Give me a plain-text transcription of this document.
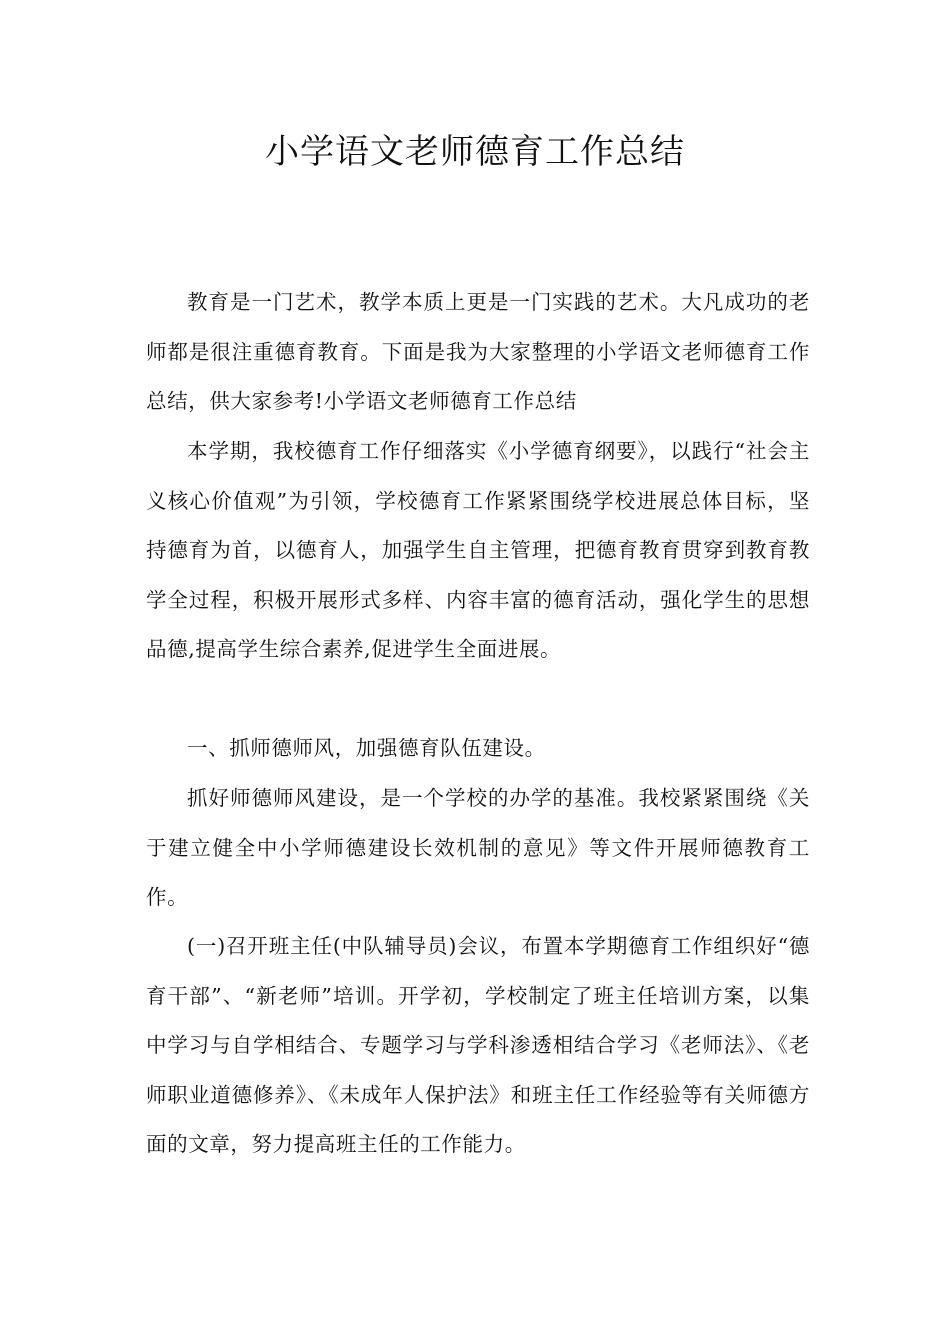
小学语文老师德育工作总结

教育是一门艺术，教学本质上更是一门实践的艺术。大凡成功的老师都是很注重德育教育。下面是我为大家整理的小学语文老师德育工作总结，供大家参考!小学语文老师德育工作总结

本学期，我校德育工作仔细落实《小学德育纲要》，以践行“社会主义核心价值观”为引领，学校德育工作紧紧围绕学校进展总体目标，坚持德育为首，以德育人，加强学生自主管理，把德育教育贯穿到教育教学全过程，积极开展形式多样、内容丰富的德育活动，强化学生的思想品德,提高学生综合素养,促进学生全面进展。

一、抓师德师风，加强德育队伍建设。

抓好师德师风建设，是一个学校的办学的基准。我校紧紧围绕《关于建立健全中小学师德建设长效机制的意见》等文件开展师德教育工作。

(一)召开班主任(中队辅导员)会议，布置本学期德育工作组织好“德育干部”、“新老师”培训。开学初，学校制定了班主任培训方案，以集中学习与自学相结合、专题学习与学科渗透相结合学习《老师法》、《老师职业道德修养》、《未成年人保护法》和班主任工作经验等有关师德方面的文章，努力提高班主任的工作能力。
